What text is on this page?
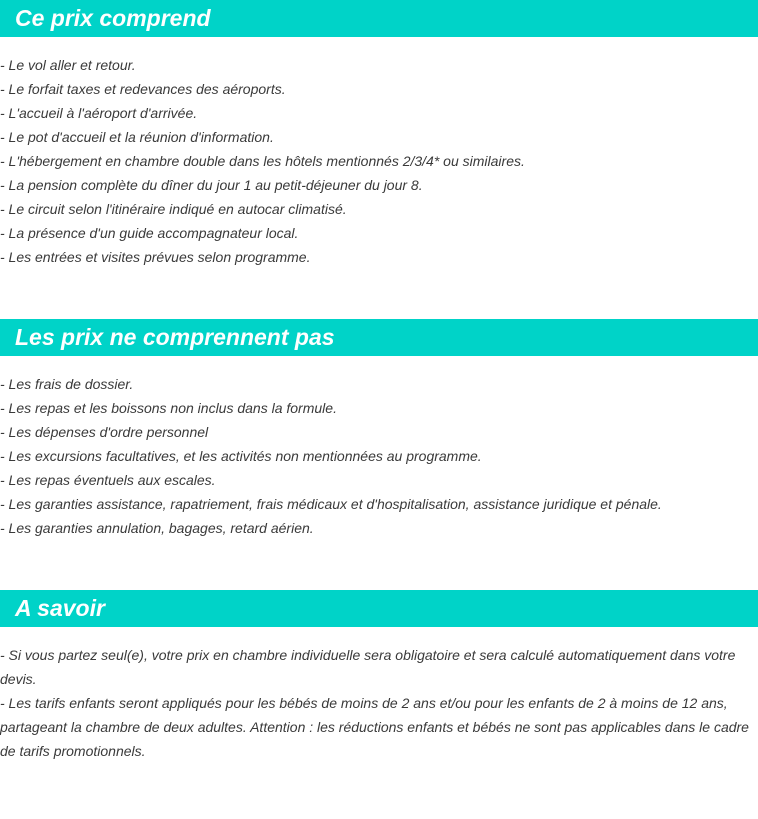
Ce prix comprend
- Le vol aller et retour.
- Le forfait taxes et redevances des aéroports.
- L'accueil à l'aéroport d'arrivée.
- Le pot d'accueil et la réunion d'information.
- L'hébergement en chambre double dans les hôtels mentionnés 2/3/4* ou similaires.
- La pension complète du dîner du jour 1 au petit-déjeuner du jour 8.
- Le circuit selon l'itinéraire indiqué en autocar climatisé.
- La présence d'un guide accompagnateur local.
- Les entrées et visites prévues selon programme.
Les prix ne comprennent pas
- Les frais de dossier.
- Les repas et les boissons non inclus dans la formule.
- Les dépenses d'ordre personnel
- Les excursions facultatives, et les activités non mentionnées au programme.
- Les repas éventuels aux escales.
- Les garanties assistance, rapatriement, frais médicaux et d'hospitalisation, assistance juridique et pénale.
- Les garanties annulation, bagages, retard aérien.
A savoir

- Si vous partez seul(e), votre prix en chambre individuelle sera obligatoire et sera calculé automatiquement dans votre devis.

- Les tarifs enfants seront appliqués pour les bébés de moins de 2 ans et/ou pour les enfants de 2 à moins de 12 ans, partageant la chambre de deux adultes. Attention : les réductions enfants et bébés ne sont pas applicables dans le cadre de tarifs promotionnels.
